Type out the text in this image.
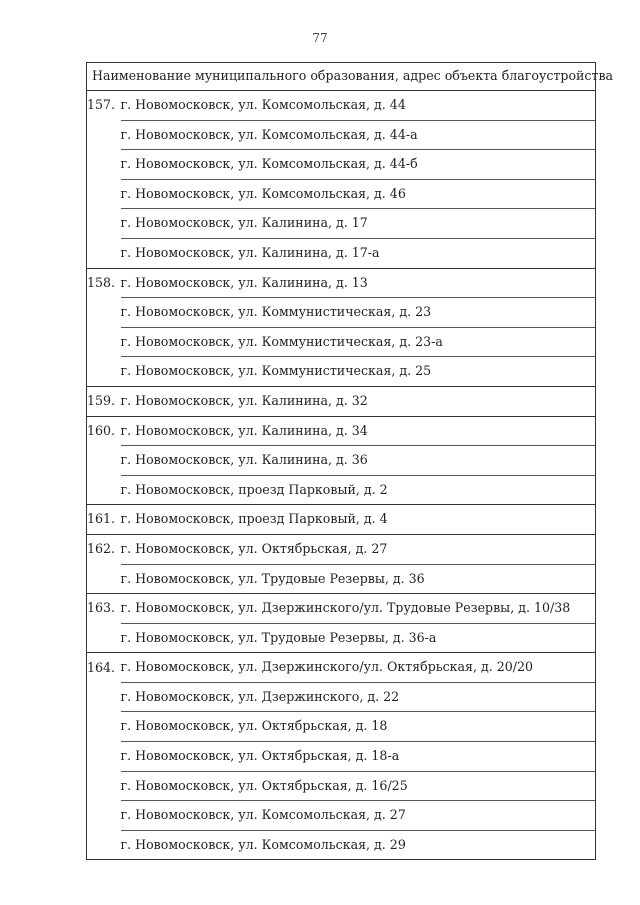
77
Наименование муниципального образования, адрес объекта благоустройства	
157.	г. Новомосковск, ул. Комсомольская, д. 44
	г. Новомосковск, ул. Комсомольская, д. 44-а
	г. Новомосковск, ул. Комсомольская, д. 44-б
	г. Новомосковск, ул. Комсомольская, д. 46
	г. Новомосковск, ул. Калинина, д. 17
	г. Новомосковск, ул. Калинина, д. 17-а
158.	г. Новомосковск, ул. Калинина, д. 13
	г. Новомосковск, ул. Коммунистическая, д. 23
	г. Новомосковск, ул. Коммунистическая, д. 23-а
	г. Новомосковск, ул. Коммунистическая, д. 25
159.	г. Новомосковск, ул. Калинина, д. 32
160.	г. Новомосковск, ул. Калинина, д. 34
	г. Новомосковск, ул. Калинина, д. 36
	г. Новомосковск, проезд Парковый, д. 2
161.	г. Новомосковск, проезд Парковый, д. 4
162.	г. Новомосковск, ул. Октябрьская, д. 27
	г. Новомосковск, ул. Трудовые Резервы, д. 36
163.	г. Новомосковск, ул. Дзержинского/ул. Трудовые Резервы, д. 10/38
	г. Новомосковск, ул. Трудовые Резервы, д. 36-а
164.	г. Новомосковск, ул. Дзержинского/ул. Октябрьская, д. 20/20
	г. Новомосковск, ул. Дзержинского, д. 22
	г. Новомосковск, ул. Октябрьская, д. 18
	г. Новомосковск, ул. Октябрьская, д. 18-а
	г. Новомосковск, ул. Октябрьская, д. 16/25
	г. Новомосковск, ул. Комсомольская, д. 27
	г. Новомосковск, ул. Комсомольская, д. 29
